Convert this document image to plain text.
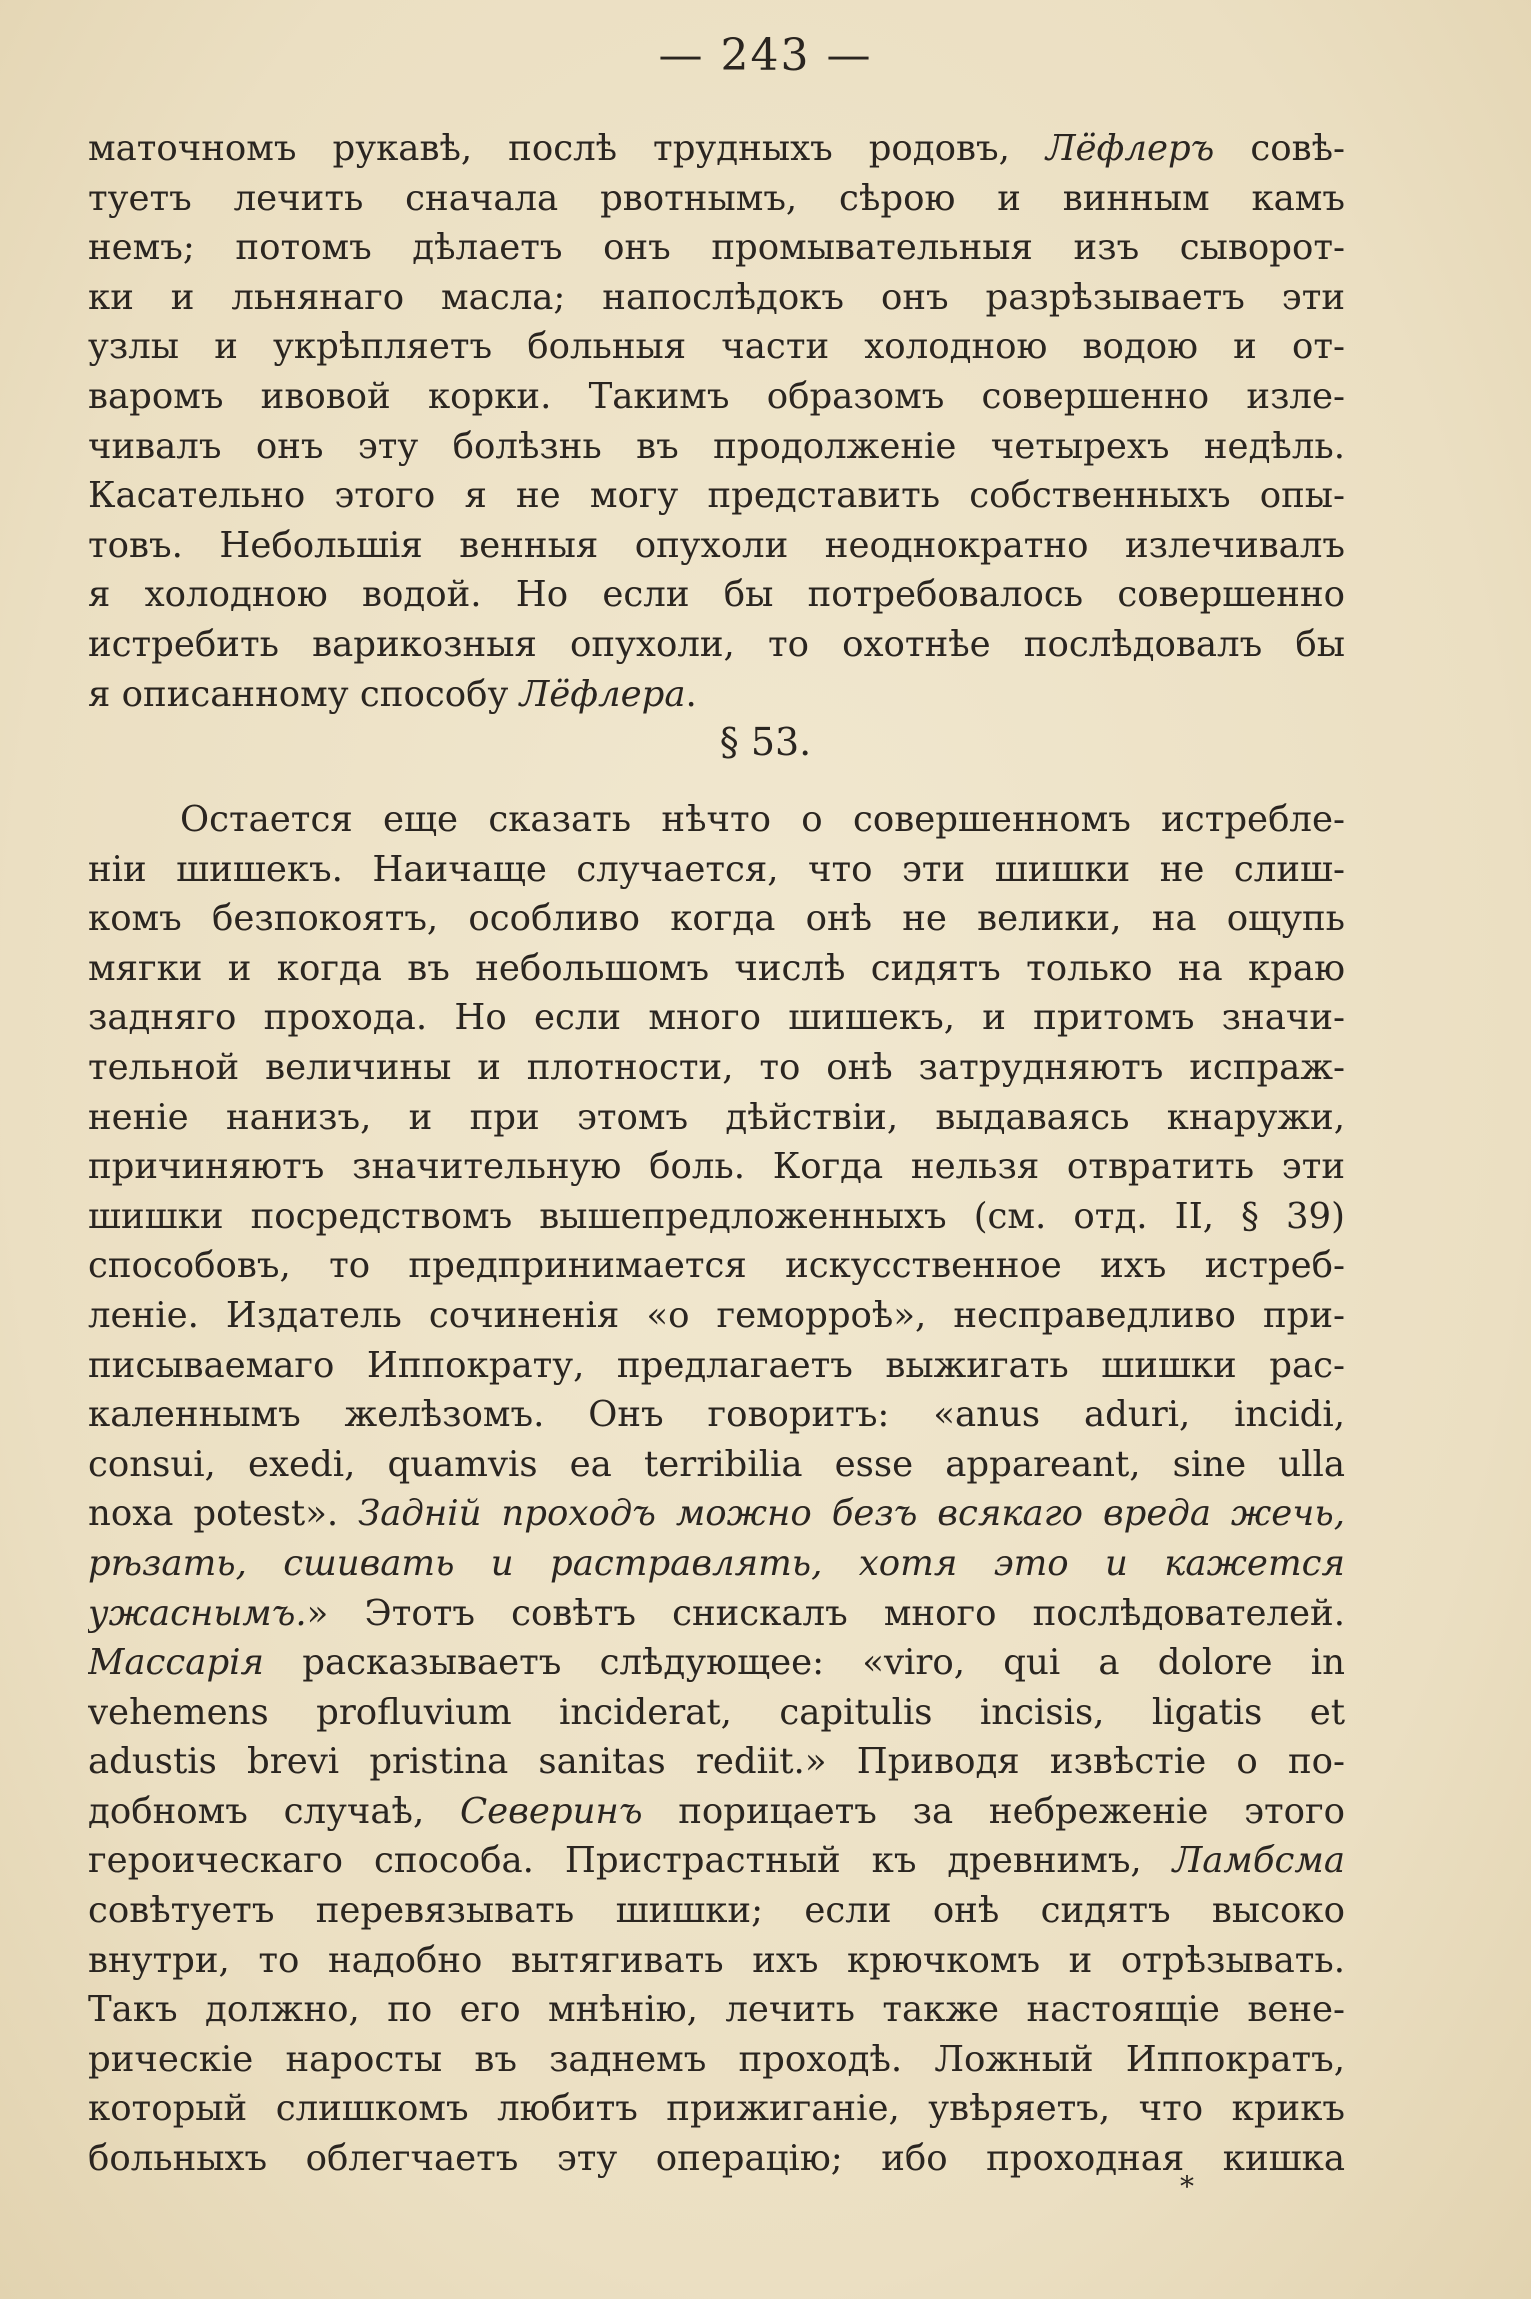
— 243 —
маточномъ рукавѣ, послѣ трудныхъ родовъ, Лёфлеръ совѣ-
туетъ лечить сначала рвотнымъ, сѣрою и винным камъ
немъ; потомъ дѣлаетъ онъ промывательныя изъ сыворот-
ки и льнянаго масла; напослѣдокъ онъ разрѣзываетъ эти
узлы и укрѣпляетъ больныя части холодною водою и от-
варомъ ивовой корки. Такимъ образомъ совершенно изле-
чивалъ онъ эту болѣзнь въ продолженіе четырехъ недѣль.
Касательно этого я не могу представить собственныхъ опы-
товъ. Небольшія венныя опухоли неоднократно излечивалъ
я холодною водой. Но если бы потребовалось совершенно
истребить варикозныя опухоли, то охотнѣе послѣдовалъ бы
я описанному способу Лёфлера.
§ 53.
Остается еще сказать нѣчто о совершенномъ истребле-
ніи шишекъ. Наичаще случается, что эти шишки не слиш-
комъ безпокоятъ, особливо когда онѣ не велики, на ощупь
мягки и когда въ небольшомъ числѣ сидятъ только на краю
задняго прохода. Но если много шишекъ, и притомъ значи-
тельной величины и плотности, то онѣ затрудняютъ испраж-
неніе нанизъ, и при этомъ дѣйствіи, выдаваясь кнаружи,
причиняютъ значительную боль. Когда нельзя отвратить эти
шишки посредствомъ вышепредложенныхъ (см. отд. II, § 39)
способовъ, то предпринимается искусственное ихъ истреб-
леніе. Издатель сочиненія «о геморроѣ», несправедливо при-
писываемаго Иппократу, предлагаетъ выжигать шишки рас-
каленнымъ желѣзомъ. Онъ говоритъ: «anus aduri, incidi,
consui, exedi, quamvis ea terribilia esse appareant, sine ulla
noxa potest». Задній проходъ можно безъ всякаго вреда жечь,
рѣзать, сшивать и растравлять, хотя это и кажется
ужаснымъ.» Этотъ совѣтъ снискалъ много послѣдователей.
Массарія расказываетъ слѣдующее: «viro, qui a dolore in
vehemens profluvium inciderat, capitulis incisis, ligatis et
adustis brevi pristina sanitas rediit.» Приводя извѣстіе о по-
добномъ случаѣ, Северинъ порицаетъ за небреженіе этого
героическаго способа. Пристрастный къ древнимъ, Ламбсма
совѣтуетъ перевязывать шишки; если онѣ сидятъ высоко
внутри, то надобно вытягивать ихъ крючкомъ и отрѣзывать.
Такъ должно, по его мнѣнію, лечить также настоящіе вене-
рическіе наросты въ заднемъ проходѣ. Ложный Иппократъ,
который слишкомъ любитъ прижиганіе, увѣряетъ, что крикъ
больныхъ облегчаетъ эту операцію; ибо проходная кишка
*
